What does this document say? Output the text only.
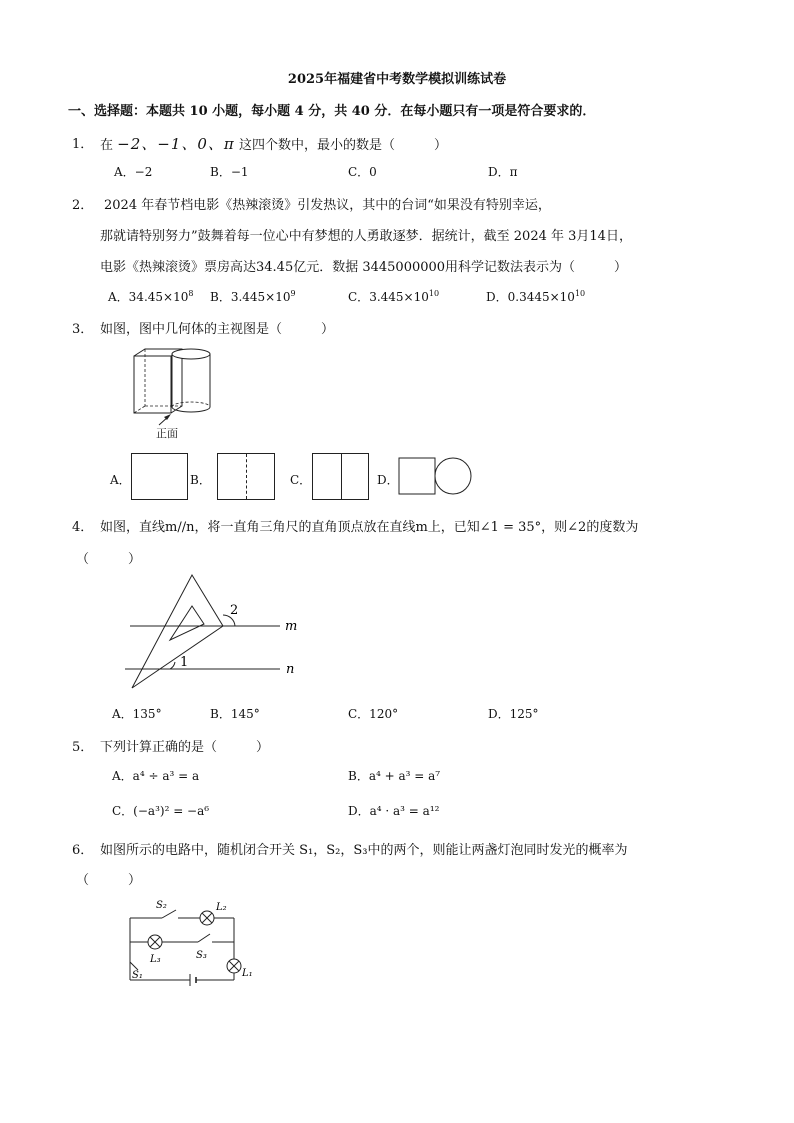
2025年福建省中考数学模拟训练试卷
一、选择题：本题共 10 小题，每小题 4 分，共 40 分．在每小题只有一项是符合要求的．
1． 在 −2、−1、0、π 这四个数中，最小的数是（　　　）
A．−2	B．−1	C．0	D．π
2． 2024 年春节档电影《热辣滚烫》引发热议，其中的台词“如果没有特别幸运，
那就请特别努力”鼓舞着每一位心中有梦想的人勇敢逐梦．据统计，截至 2024 年 3月14日，
电影《热辣滚烫》票房高达34.45亿元．数据 3445000000用科学记数法表示为（　　　）
A．$34.45\times 10^8$ B．$3.445\times 10^9$	C．$3.445\times 10^{10}$	D．$0.3445\times 10^{10}$
3． 如图，图中几何体的主视图是（　　　）
正面
A．	B．	C．	D．
4． 如图，直线m//n，将一直角三角尺的直角顶点放在直线m上，已知∠1 = 35°，则∠2的度数为
（　　　）
2
1
m
n
A．135°	B．145°	C．120°	D．125°
5． 下列计算正确的是（　　　）
A．a⁴ ÷ a³ = a	B．a⁴ + a³ = a⁷
C．(−a³)² = −a⁶	D．a⁴ · a³ = a¹²
6． 如图所示的电路中，随机闭合开关 S₁，S₂，S₃中的两个，则能让两盏灯泡同时发光的概率为
（　　　）
S₂	L₂
S₃
L₃
S₁	L₁
